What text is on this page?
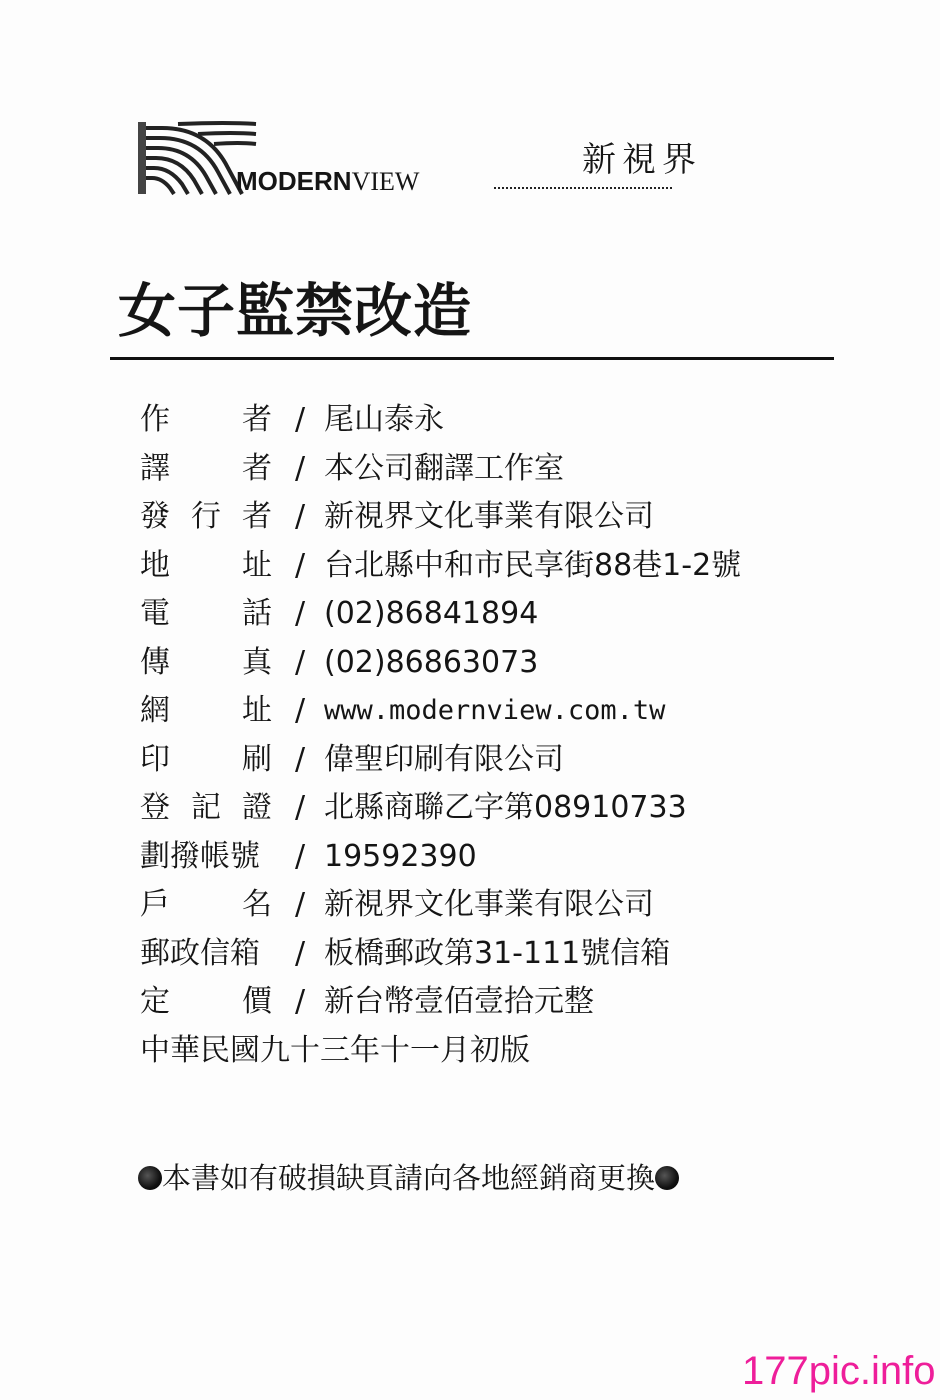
MODERNVIEW
新視界
女子監禁改造
作 者 / 尾山泰永
譯 者 / 本公司翻譯工作室
發 行 者 / 新視界文化事業有限公司
地 址 / 台北縣中和市民享街88巷1-2號
電 話 / (02)86841894
傳 真 / (02)86863073
網 址 / www.modernview.com.tw
印 刷 / 偉聖印刷有限公司
登 記 證 / 北縣商聯乙字第08910733
劃撥帳號 / 19592390
戶 名 / 新視界文化事業有限公司
郵政信箱 / 板橋郵政第31-111號信箱
定 價 / 新台幣壹佰壹拾元整
中華民國九十三年十一月初版
本書如有破損缺頁請向各地經銷商更換
177pic.info
